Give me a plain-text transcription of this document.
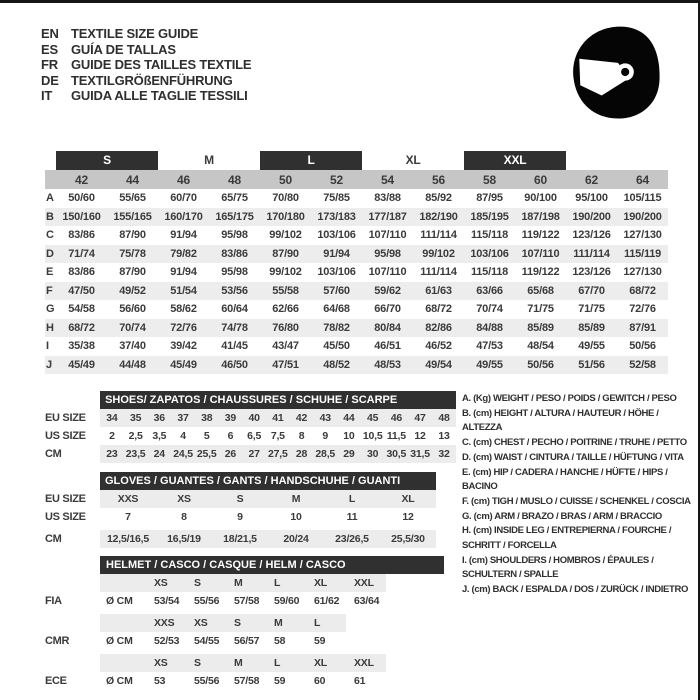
EN TEXTILE SIZE GUIDE
ES	GUÍA DE TALLAS
FR	GUIDE DES TAILLES TEXTILE
DE TEXTILGRÖßENFÜHRUNG
IT	GUIDA ALLE TAGLIE TESSILI

	S		M		L		XL		XXL			

	42	44	46	48	50	52	54	56	58	60	62	64
A	50/60	55/65	60/70	65/75	70/80	75/85	83/88	85/92	87/95	90/100	95/100	105/115
B	150/160	155/165	160/170	165/175	170/180	173/183	177/187	182/190	185/195	187/198	190/200	190/200
C	83/86	87/90	91/94	95/98	99/102	103/106	107/110	111/114	115/118	119/122	123/126	127/130
D	71/74	75/78	79/82	83/86	87/90	91/94	95/98	99/102	103/106	107/110	111/114	115/119
E	83/86	87/90	91/94	95/98	99/102	103/106	107/110	111/114	115/118	119/122	123/126	127/130
F	47/50	49/52	51/54	53/56	55/58	57/60	59/62	61/63	63/66	65/68	67/70	68/72
G	54/58	56/60	58/62	60/64	62/66	64/68	66/70	68/72	70/74	71/75	71/75	72/76
H	68/72	70/74	72/76	74/78	76/80	78/82	80/84	82/86	84/88	85/89	85/89	87/91
I	35/38	37/40	39/42	41/45	43/47	45/50	46/51	46/52	47/53	48/54	49/55	50/56
J	45/49	44/48	45/49	46/50	47/51	48/52	48/53	49/54	49/55	50/56	51/56	52/58
	SHOES/ ZAPATOS / CHAUSSURES / SCHUHE / SCARPE														
EU SIZE	34	35	36	37	38	39	40	41	42	43	44	45	46	47	48
US SIZE	2	2,5	3,5	4	5	6	6,5	7,5	8	9	10	10,5	11,5	12	13
CM	23	23,5	24	24,5	25,5	26	27	27,5	28	28,5	29	30	30,5	31,5	32
	GLOVES / GUANTES / GANTS / HANDSCHUHE / GUANTI					
EU SIZE	XXS	XS	S	M	L	XL
US SIZE	7	8	9	10	11	12

CM	12,5/16,5	16,5/19	18/21,5	20/24	23/26,5	25,5/30
	HELMET / CASCO / CASQUE / HELM / CASCO							
		XS	S	M	L	XL	XXL	
FIA	Ø CM	53/54	55/56	57/58	59/60	61/62	63/64	

		XXS	XS	S	M	L		
CMR	Ø CM	52/53	54/55	56/57	58	59		

		XS	S	M	L	XL	XXL	
ECE	Ø CM	53	55/56	57/58	59	60	61	
A. (Kg) WEIGHT / PESO / POIDS / GEWITCH / PESO
B. (cm) HEIGHT / ALTURA / HAUTEUR / HÖHE / ALTEZZA
C. (cm) CHEST / PECHO / POITRINE / TRUHE / PETTO
D. (cm) WAIST / CINTURA / TAILLE / HÜFTUNG / VITA
E. (cm) HIP / CADERA / HANCHE / HÜFTE / HIPS / BACINO
F. (cm) TIGH / MUSLO / CUISSE / SCHENKEL / COSCIA
G. (cm) ARM / BRAZO / BRAS / ARM / BRACCIO
H. (cm) INSIDE LEG / ENTREPIERNA / FOURCHE / SCHRITT / FORCELLA
I. (cm) SHOULDERS / HOMBROS / ÉPAULES / SCHULTERN / SPALLE
J. (cm) BACK / ESPALDA / DOS / ZURÜCK / INDIETRO
